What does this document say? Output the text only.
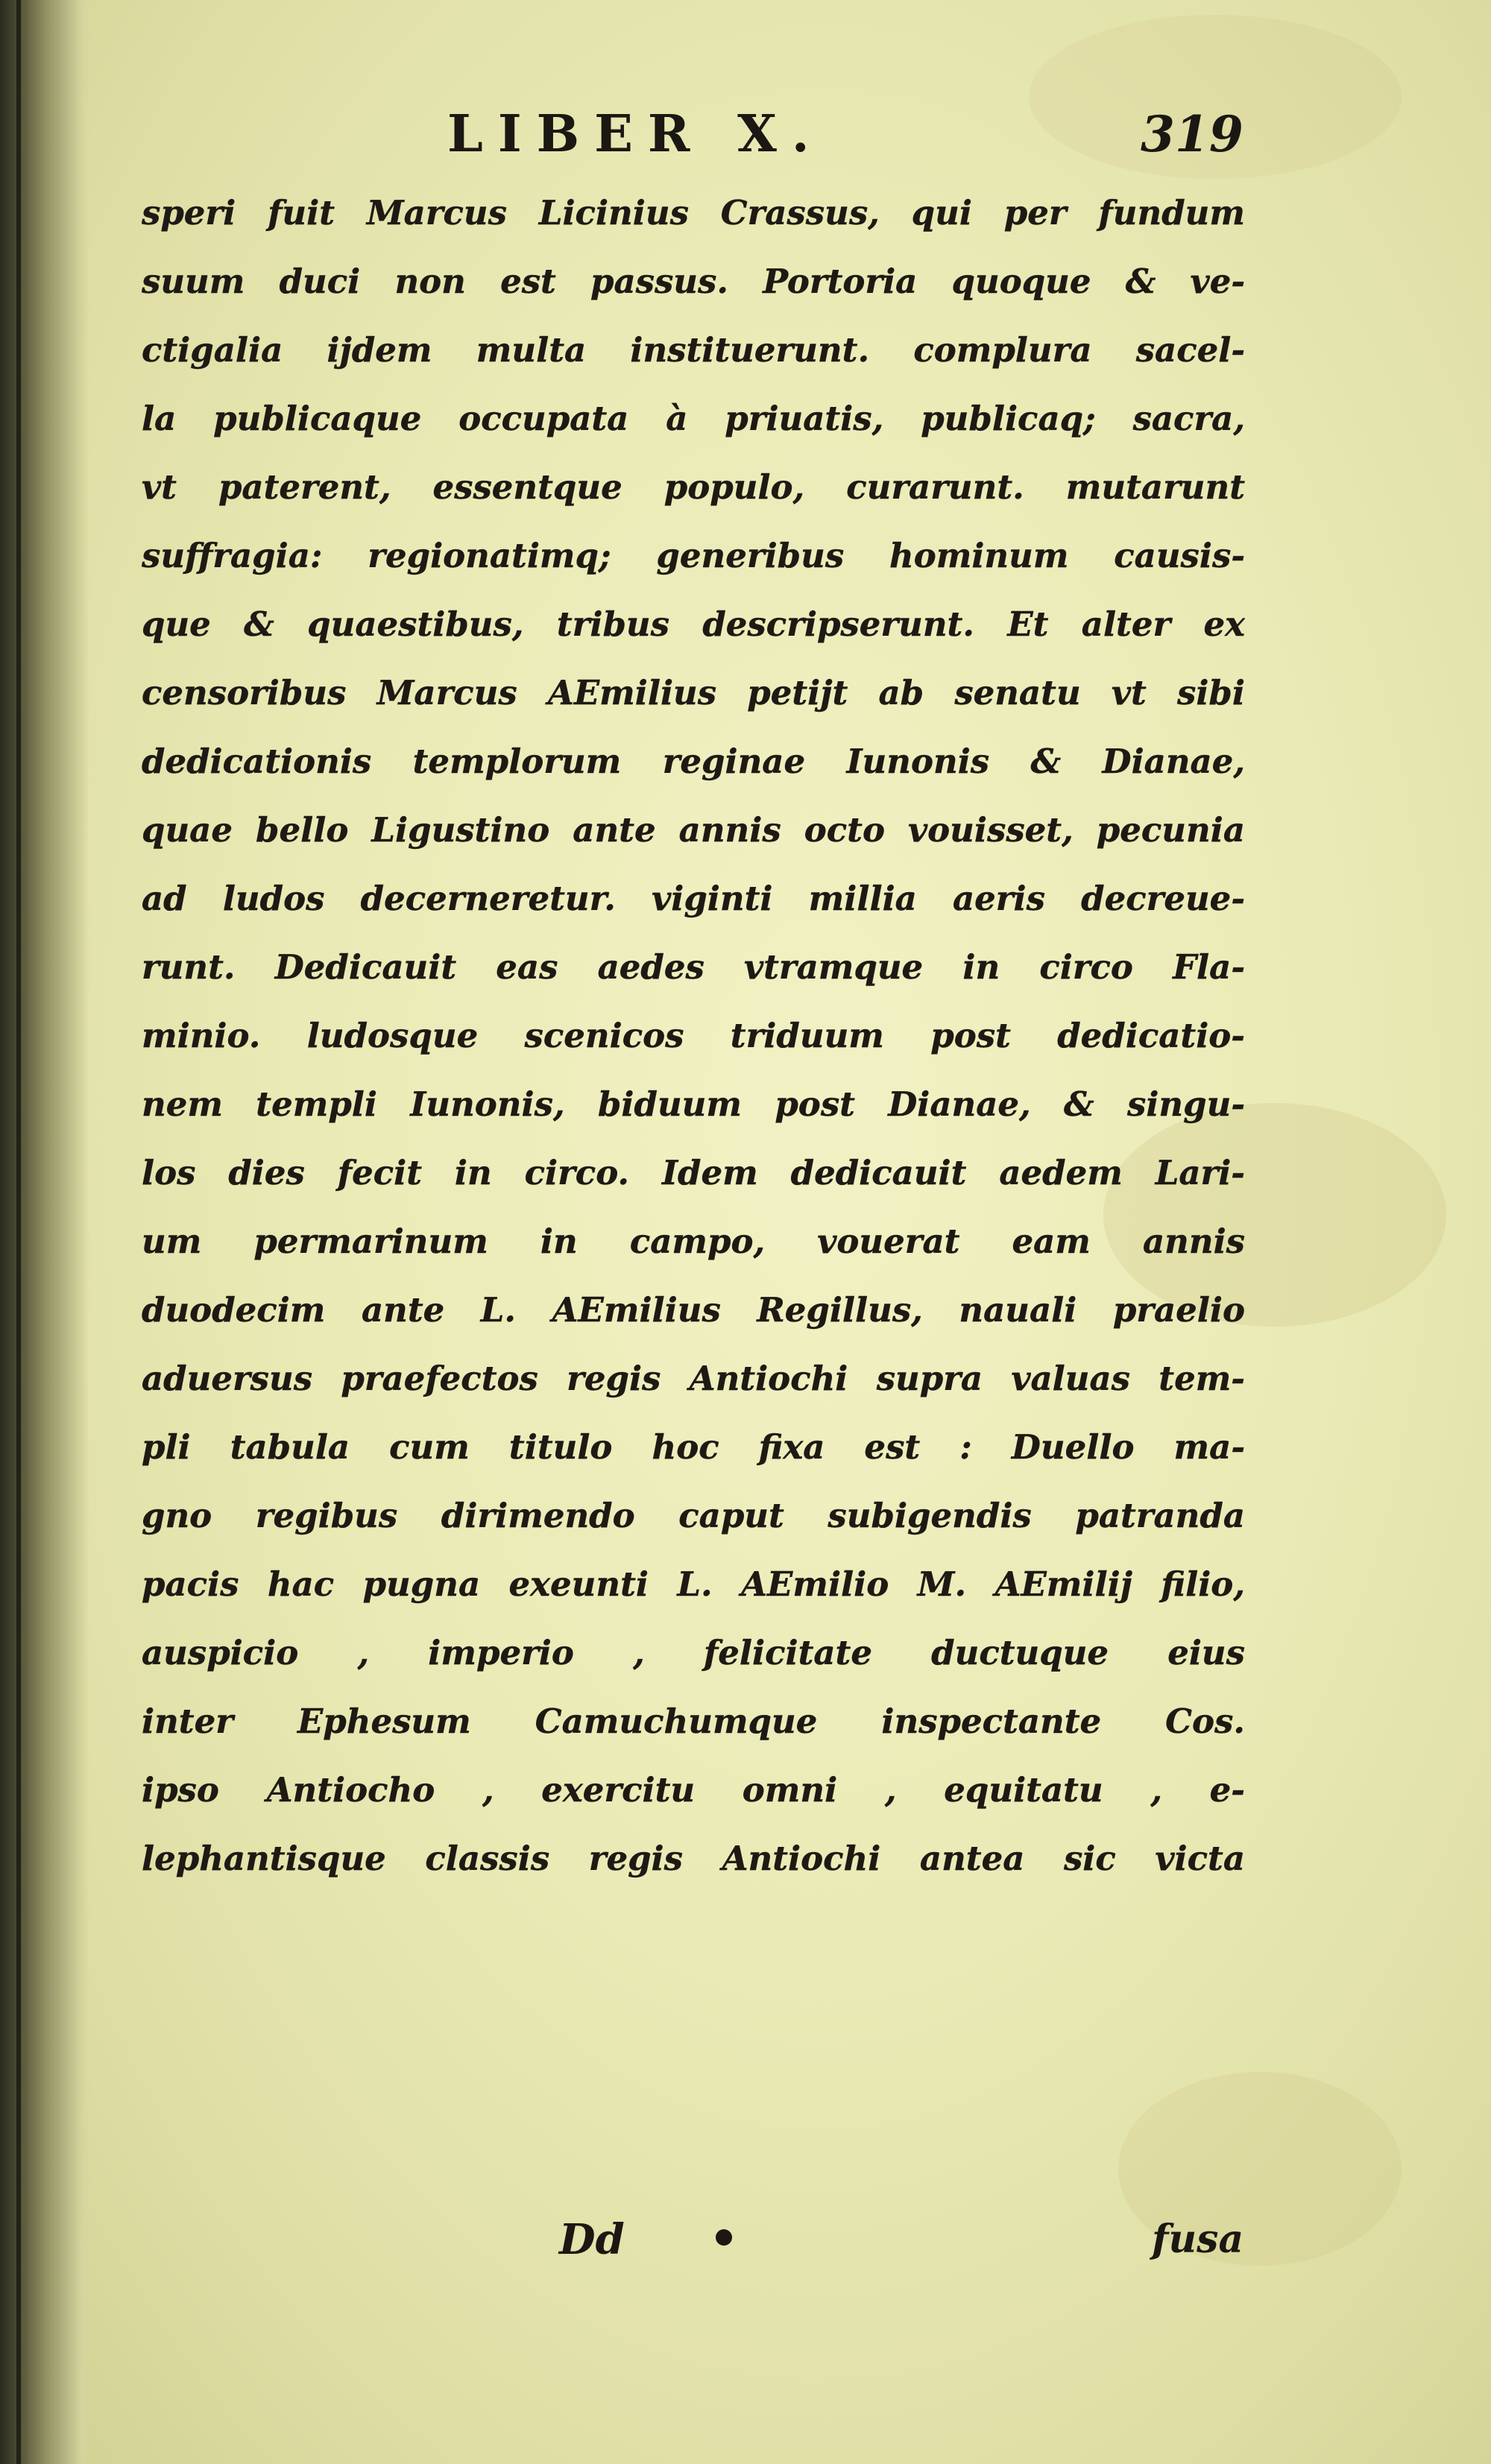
LIBER X.	319
speri fuit Marcus Licinius Crassus, qui per fundum
suum duci non est passus. Portoria quoque & ve-
ctigalia ijdem multa instituerunt. complura sacel-
la publicaque occupata à priuatis, publicaq; sacra,
vt paterent, essentque populo, curarunt. mutarunt
suffragia: regionatimq; generibus hominum causis-
que & quaestibus, tribus descripserunt. Et alter ex
censoribus Marcus AEmilius petijt ab senatu vt sibi
dedicationis templorum reginae Iunonis & Dianae,
quae bello Ligustino ante annis octo vouisset, pecunia
ad ludos decerneretur. viginti millia aeris decreue-
runt. Dedicauit eas aedes vtramque in circo Fla-
minio. ludosque scenicos triduum post dedicatio-
nem templi Iunonis, biduum post Dianae, & singu-
los dies fecit in circo. Idem dedicauit aedem Lari-
um permarinum in campo, vouerat eam annis
duodecim ante L. AEmilius Regillus, nauali praelio
aduersus praefectos regis Antiochi supra valuas tem-
pli tabula cum titulo hoc fixa est : Duello ma-
gno regibus dirimendo caput subigendis patranda
pacis hac pugna exeunti L. AEmilio M. AEmilij filio,
auspicio , imperio , felicitate ductuque eius
inter Ephesum Camuchumque inspectante Cos.
ipso Antiocho , exercitu omni , equitatu , e-
lephantisque classis regis Antiochi antea sic victa
Dd	fusa
